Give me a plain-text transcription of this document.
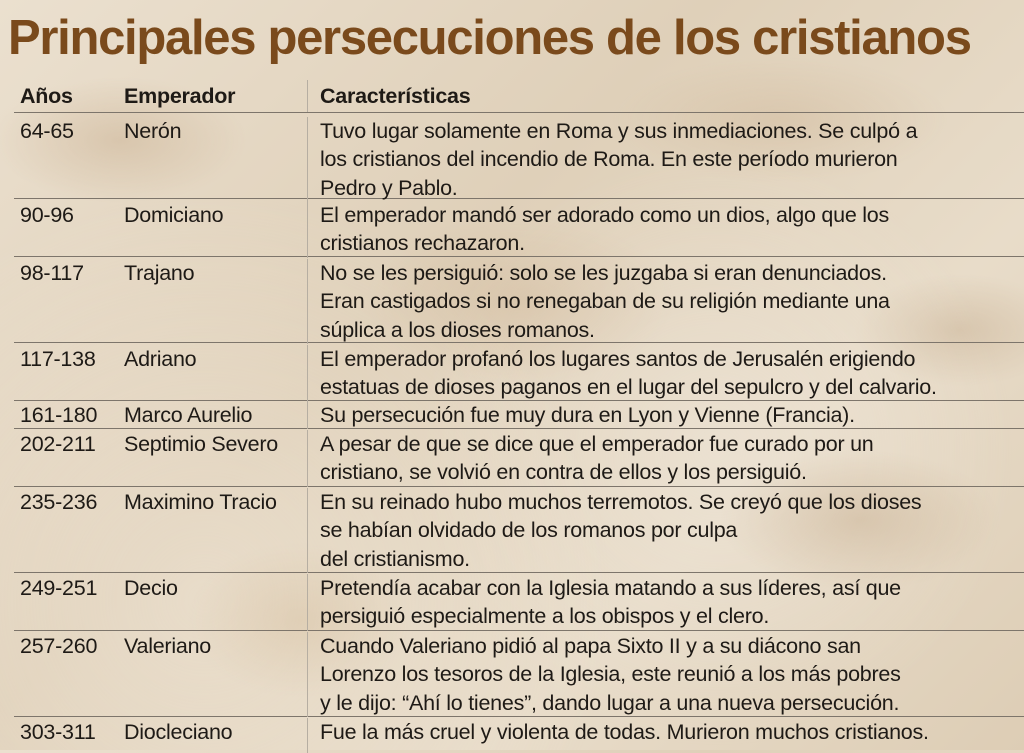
Principales persecuciones de los cristianos
Años	Emperador	Características
64-65	Nerón	Tuvo lugar solamente en Roma y sus inmediaciones. Se culpó a
los cristianos del incendio de Roma. En este período murieron
Pedro y Pablo.
90-96	Domiciano	El emperador mandó ser adorado como un dios, algo que los
cristianos rechazaron.
98-117	Trajano	No se les persiguió: solo se les juzgaba si eran denunciados.
Eran castigados si no renegaban de su religión mediante una
súplica a los dioses romanos.
117-138	Adriano	El emperador profanó los lugares santos de Jerusalén erigiendo
estatuas de dioses paganos en el lugar del sepulcro y del calvario.
161-180	Marco Aurelio	Su persecución fue muy dura en Lyon y Vienne (Francia).
202-211	Septimio Severo	A pesar de que se dice que el emperador fue curado por un
cristiano, se volvió en contra de ellos y los persiguió.
235-236	Maximino Tracio	En su reinado hubo muchos terremotos. Se creyó que los dioses
se habían olvidado de los romanos por culpa
del cristianismo.
249-251	Decio	Pretendía acabar con la Iglesia matando a sus líderes, así que
persiguió especialmente a los obispos y el clero.
257-260	Valeriano	Cuando Valeriano pidió al papa Sixto II y a su diácono san
Lorenzo los tesoros de la Iglesia, este reunió a los más pobres
y le dijo: “Ahí lo tienes”, dando lugar a una nueva persecución.
303-311	Diocleciano	Fue la más cruel y violenta de todas. Murieron muchos cristianos.
